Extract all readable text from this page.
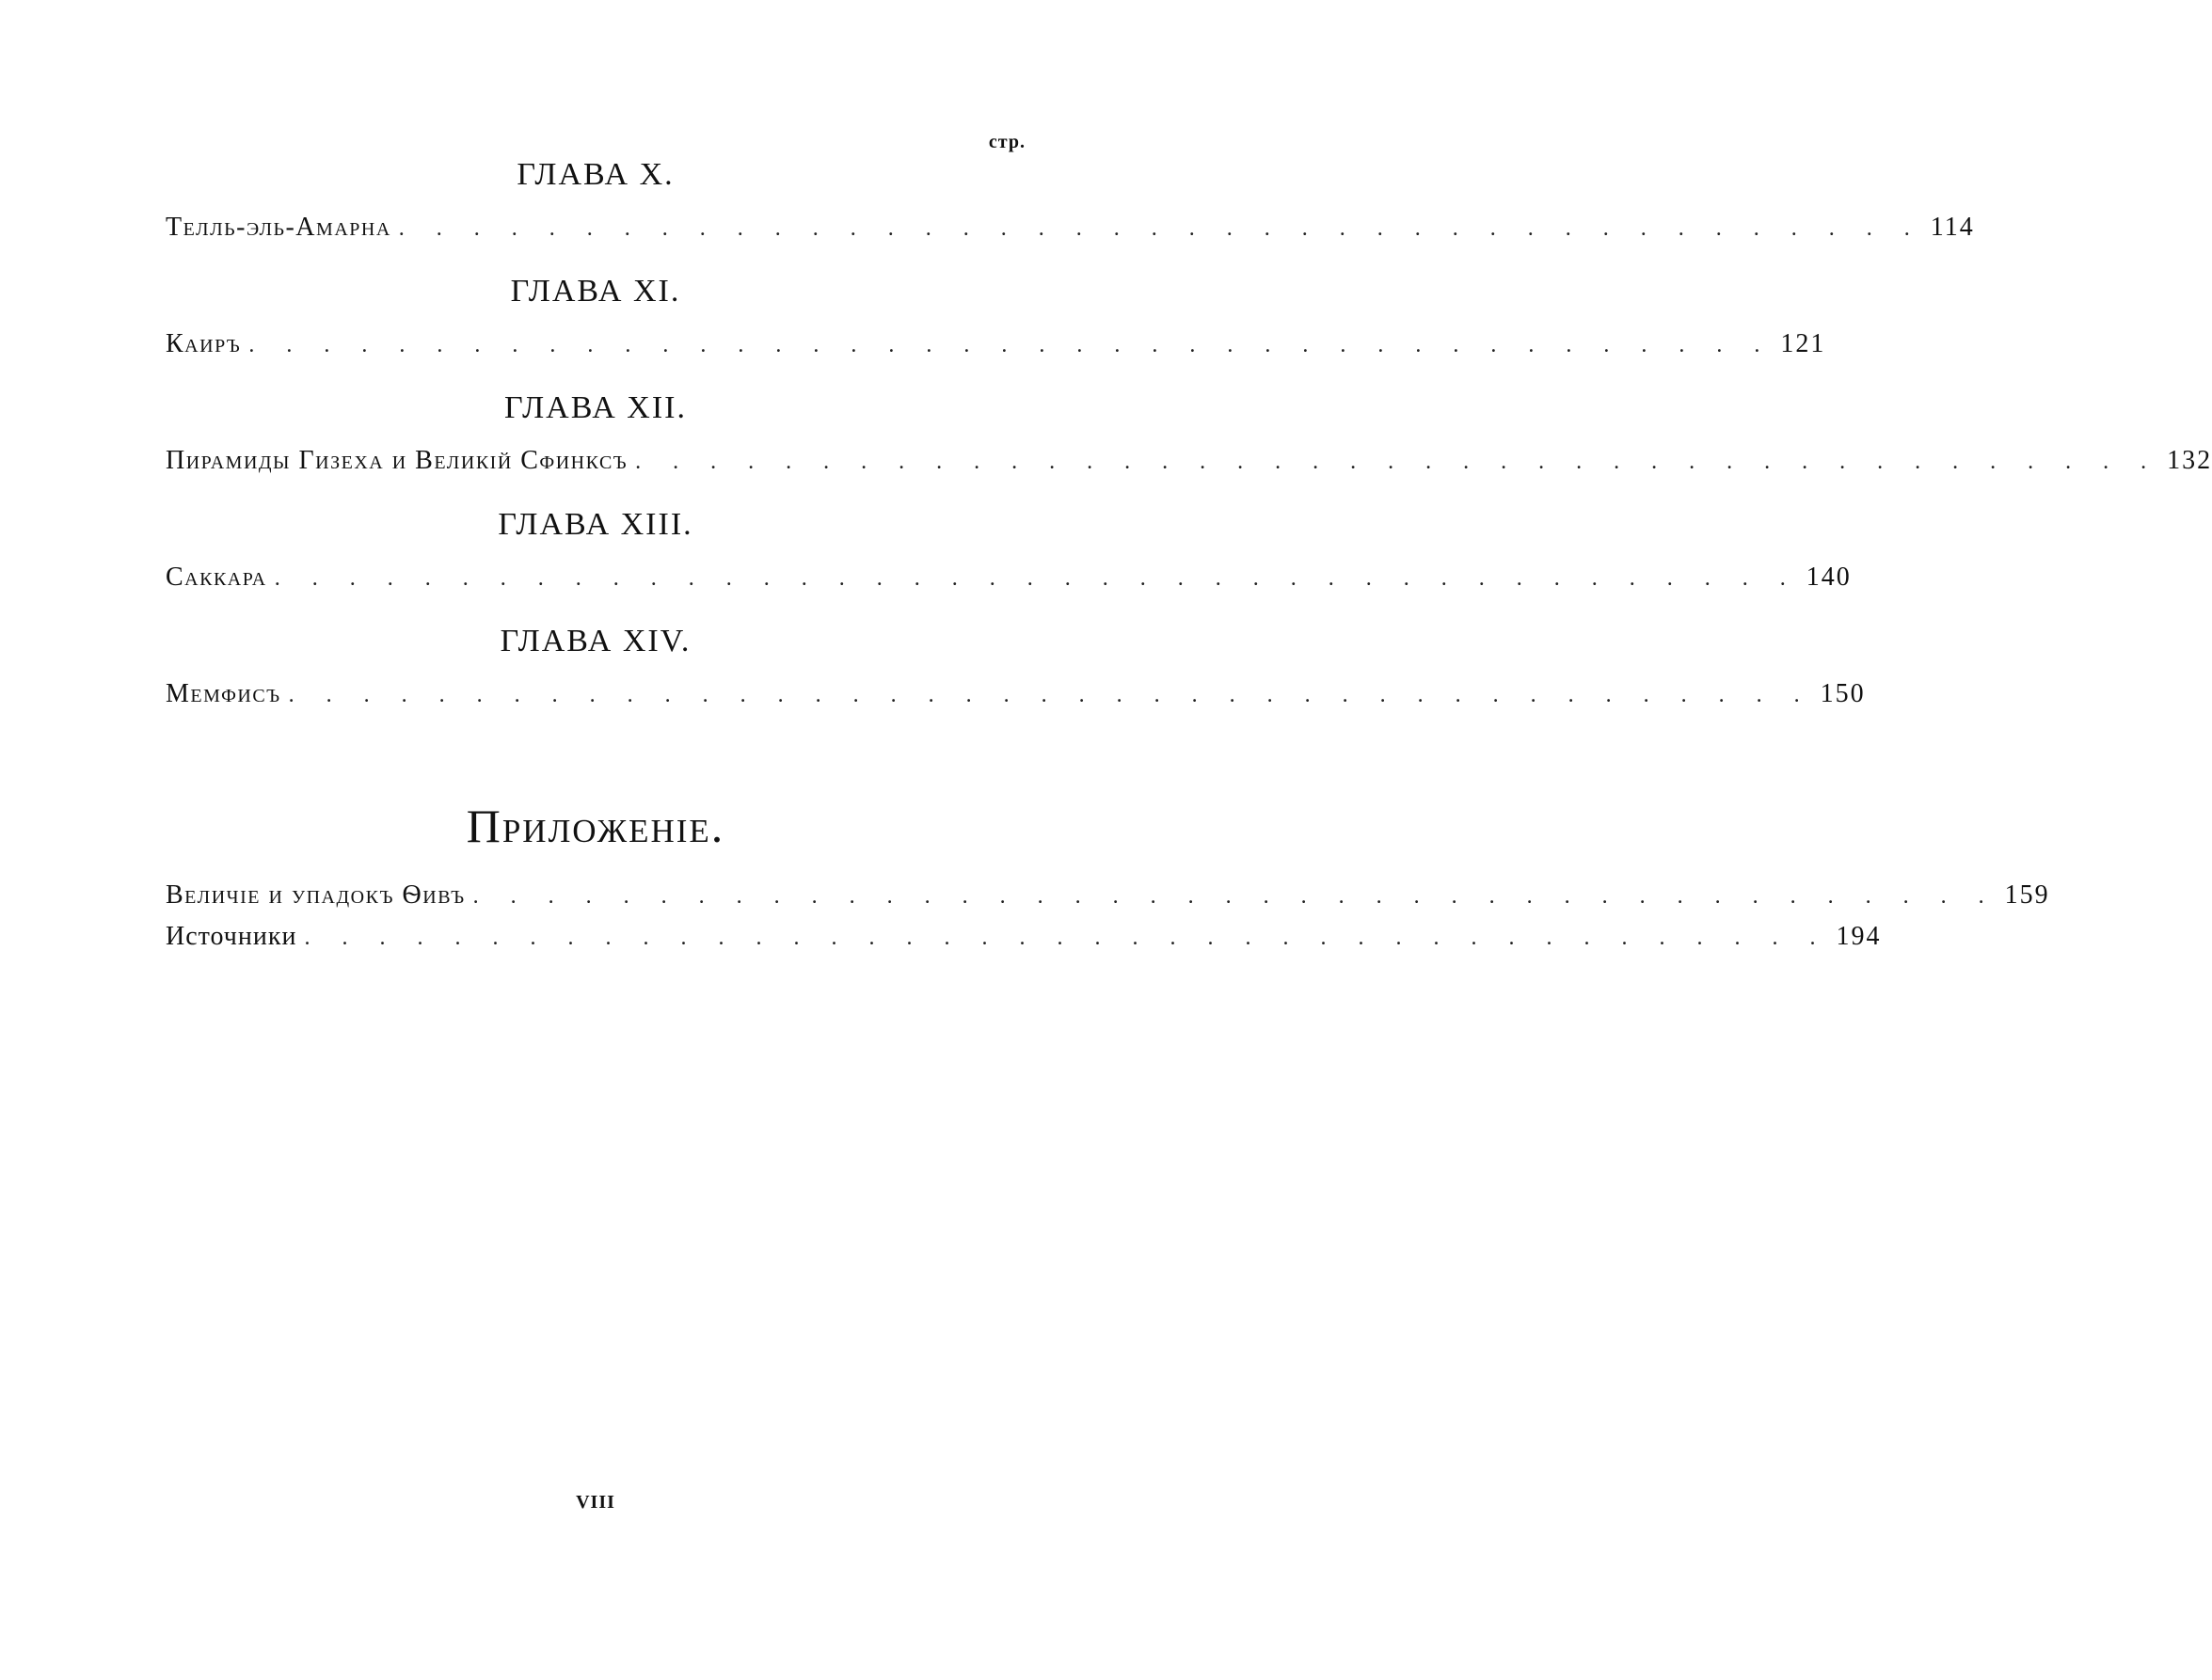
стр.
ГЛАВА X.
Телль-эль-Амарна . . . . . . . . . . . . . . . . . . . . . . . . . . . . . . . . . . . . . . . . . 114
ГЛАВА XI.
Каиръ . . . . . . . . . . . . . . . . . . . . . . . . . . . . . . . . . . . . . . . . . 121
ГЛАВА XII.
Пирамиды Гизеха и Великій Сфинксъ . . . . . . . . . . . . . . . . . . . . . . . . . . . . . . . . . . . . . . . . . 132
ГЛАВА XIII.
Саккара . . . . . . . . . . . . . . . . . . . . . . . . . . . . . . . . . . . . . . . . . 140
ГЛАВА XIV.
Мемфисъ . . . . . . . . . . . . . . . . . . . . . . . . . . . . . . . . . . . . . . . . . 150
Приложеніе.
Величіе и упадокъ Ѳивъ . . . . . . . . . . . . . . . . . . . . . . . . . . . . . . . . . . . . . . . . . 159
Источники . . . . . . . . . . . . . . . . . . . . . . . . . . . . . . . . . . . . . . . . . 194
VIII
